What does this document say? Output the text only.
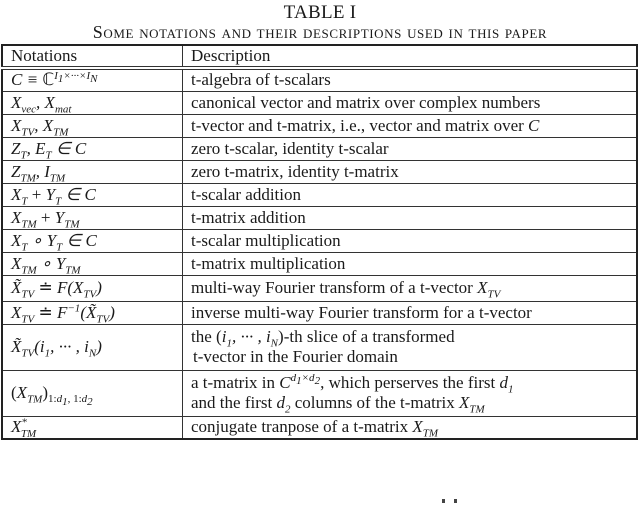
TABLE I
Some notations and their descriptions used in this paper
Notations	Description
C ≡ ℂ$^{I_1\times\cdot\cdot\cdot\times I_N}$	t-algebra of t-scalars
$X_{vec}$, $X_{mat}$	canonical vector and matrix over complex numbers
$X_{TV}$, $X_{TM}$	t-vector and t-matrix, i.e., vector and matrix over C
$Z_T$, $E_T$ ∈ C	zero t-scalar, identity t-scalar
$Z_{TM}$, $I_{TM}$	zero t-matrix, identity t-matrix
$X_T + Y_T$ ∈ C	t-scalar addition
$X_{TM} + Y_{TM}$	t-matrix addition
$X_T$ ∘ $Y_T$ ∈ C	t-scalar multiplication
$X_{TM}$ ∘ $Y_{TM}$	t-matrix multiplication
$X̃_{TV}$ ≐ $F(X_{TV})$	multi-way Fourier transform of a t-vector $X_{TV}$
$X_{TV}$ ≐ $F^{-1}(X̃_{TV})$	inverse multi-way Fourier transform for a t-vector
$X̃_{TV}(i_1$, ··· , $i_N$)	the ($i_1$, ··· , $i_N)-th$ slice of a transformed
t-vector in the Fourier domain

$(X_{TM})_{1:d_1, 1:d_2}$	a t-matrix in $C^{d_1\times d_2}$, which perserves the first $d_1$
and the first $d_2$ columns of the t-matrix $X_{TM}$

$X^*_{TM}$	conjugate tranpose of a t-matrix $X_{TM}$
